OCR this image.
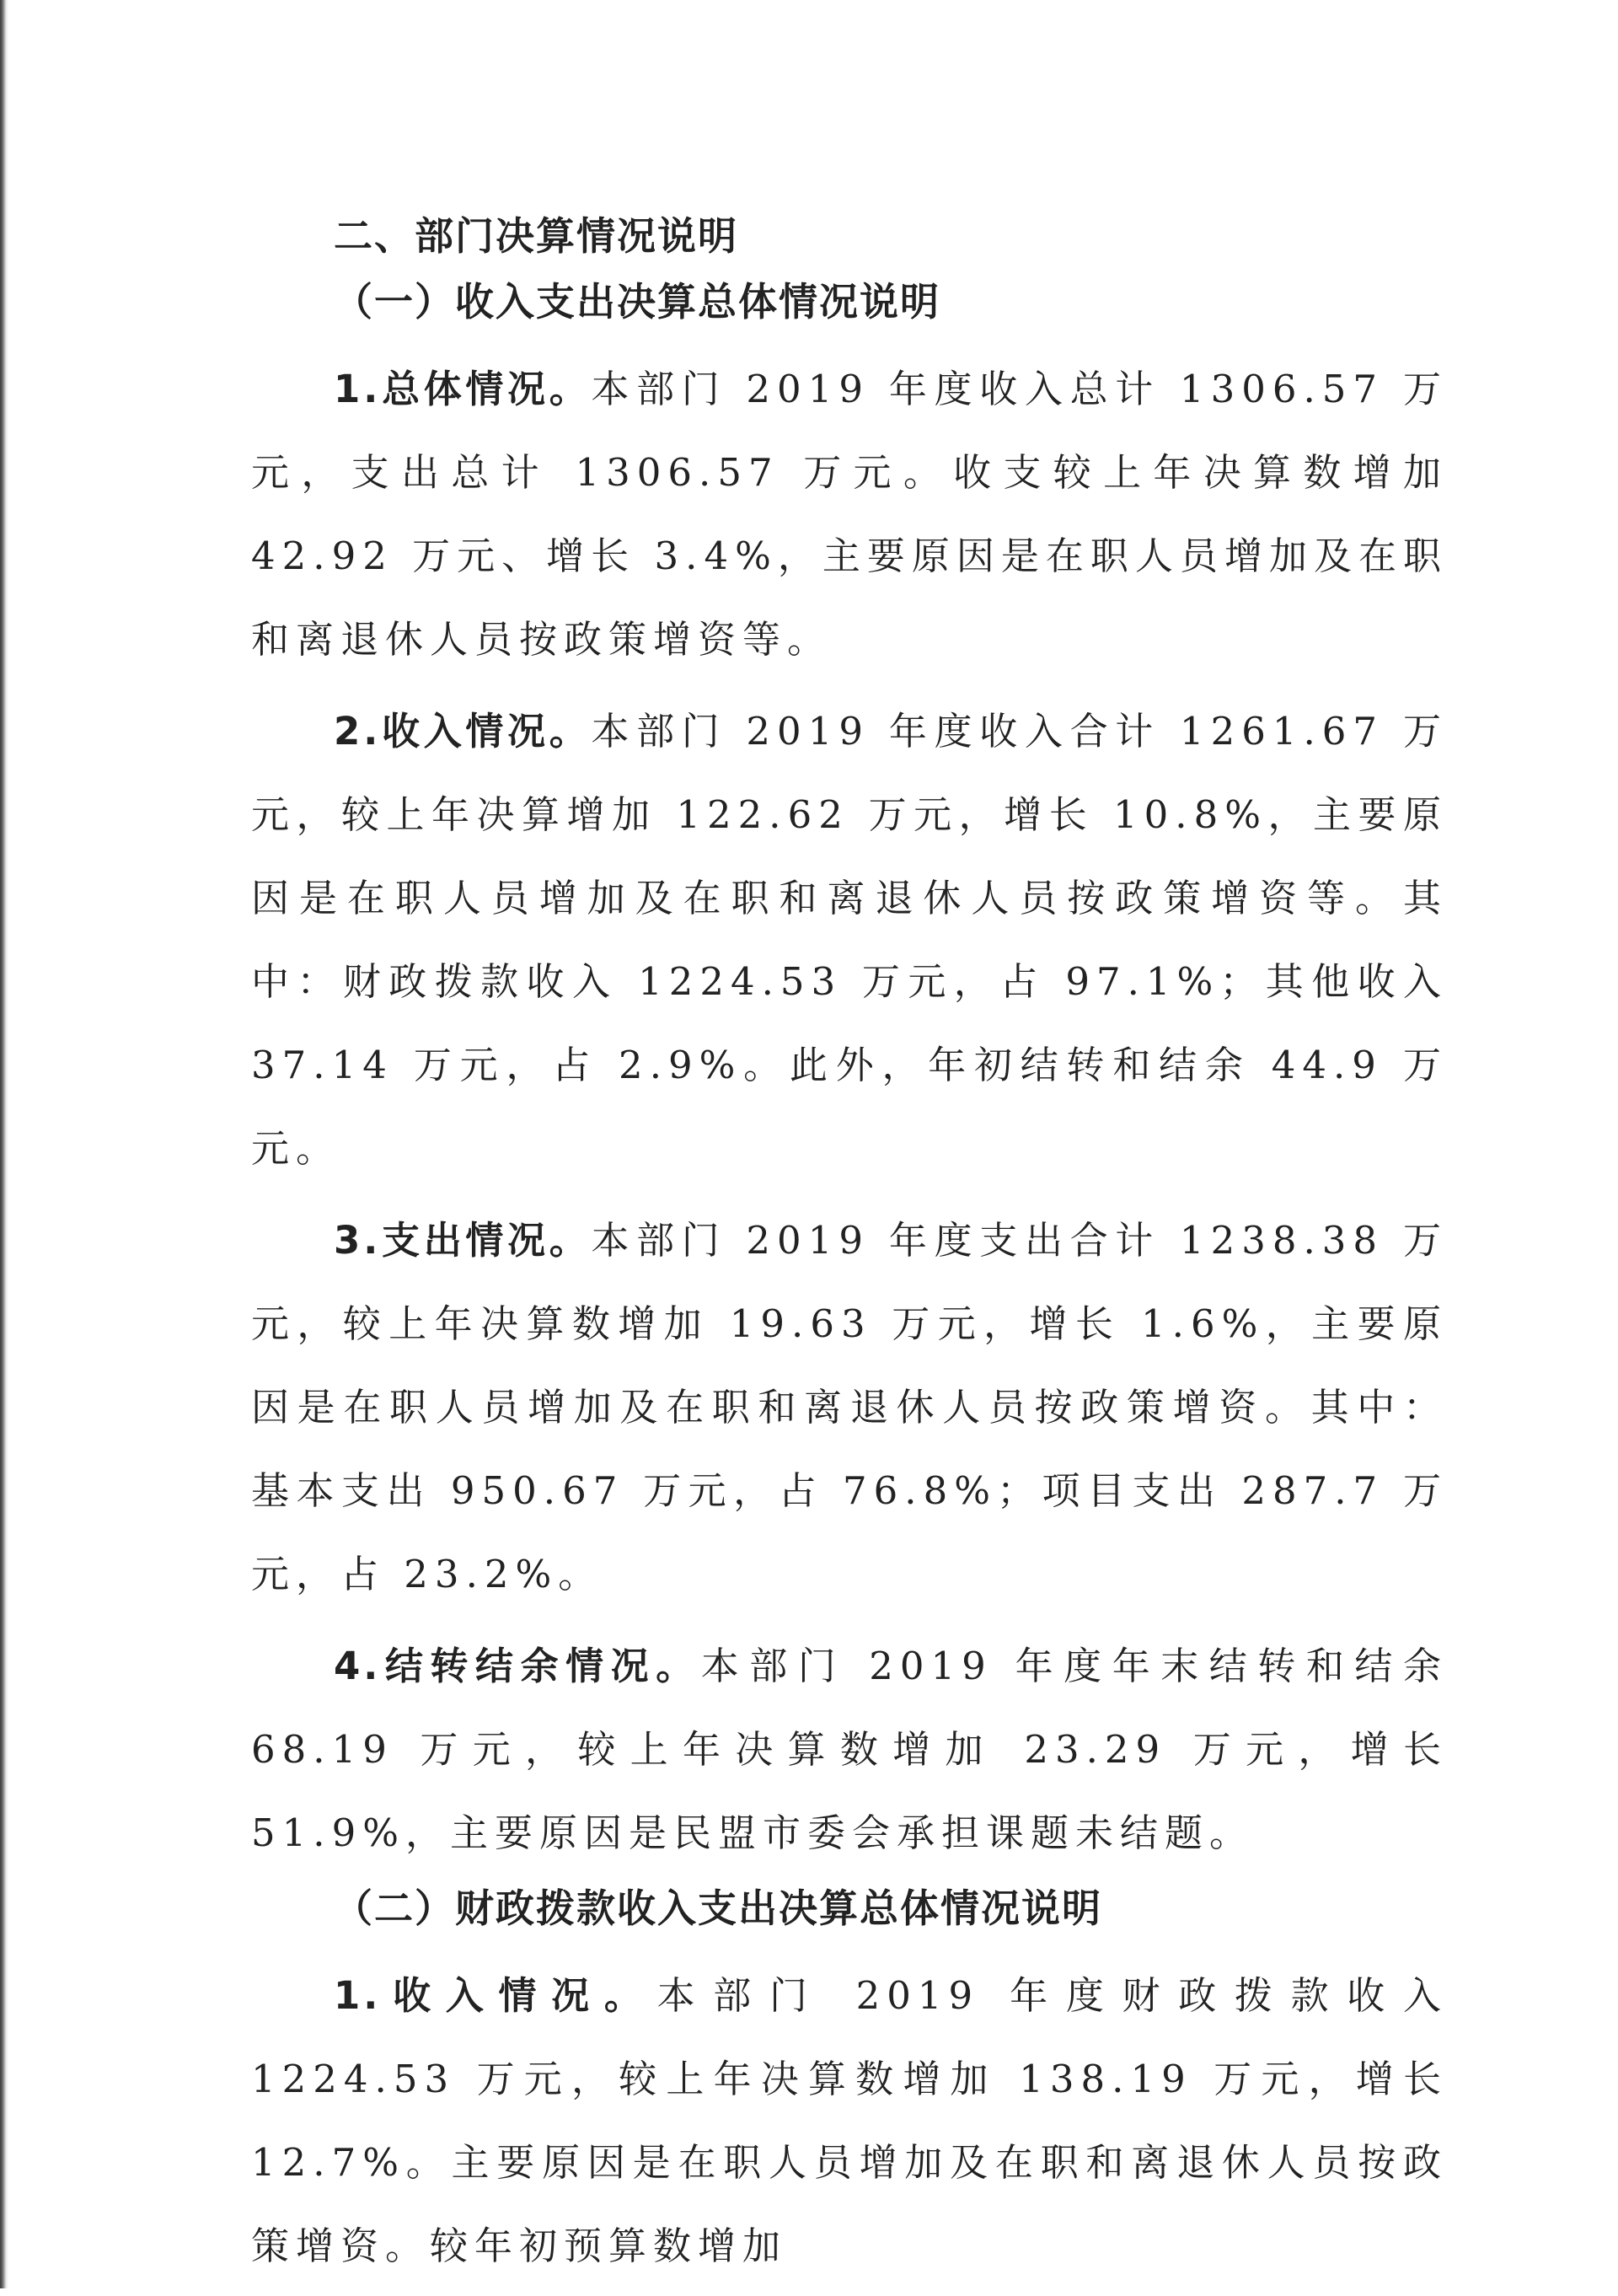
二、部门决算情况说明
（一）收入支出决算总体情况说明

1.总体情况。本部门 2019 年度收入总计 1306.57 万元，支出总计 1306.57 万元。收支较上年决算数增加 42.92 万元、增长 3.4%，主要原因是在职人员增加及在职和离退休人员按政策增资等。

2.收入情况。本部门 2019 年度收入合计 1261.67 万元，较上年决算增加 122.62 万元，增长 10.8%，主要原因是在职人员增加及在职和离退休人员按政策增资等。其中：财政拨款收入 1224.53 万元，占 97.1%；其他收入 37.14 万元，占 2.9%。此外，年初结转和结余 44.9 万元。

3.支出情况。本部门 2019 年度支出合计 1238.38 万元，较上年决算数增加 19.63 万元，增长 1.6%，主要原因是在职人员增加及在职和离退休人员按政策增资。其中：基本支出 950.67 万元，占 76.8%；项目支出 287.7 万元，占 23.2%。

4.结转结余情况。本部门 2019 年度年末结转和结余 68.19 万元，较上年决算数增加 23.29 万元，增长 51.9%，主要原因是民盟市委会承担课题未结题。

（二）财政拨款收入支出决算总体情况说明

1.收入情况。本部门 2019 年度财政拨款收入 1224.53 万元，较上年决算数增加 138.19 万元，增长 12.7%。主要原因是在职人员增加及在职和离退休人员按政策增资。较年初预算数增加
